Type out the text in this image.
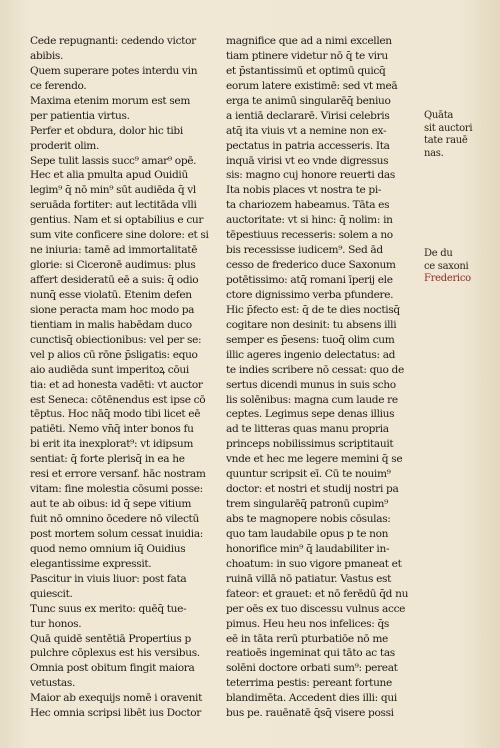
Cede repugnanti: cedendo victor
abibis.
Quem superare potes interdu vin
ce ferendo.
Maxima etenim morum est sem
per patientia virtus.
Perfer et obdura, dolor hic tibi
proderit olim.
Sepe tulit lassis succ⁹ amar⁹ opē.
Hec et alia pmulta apud Ouidiū
legim⁹ q̄ nō min⁹ sūt audiēda q̄ vl
seruāda fortiter: aut lectitāda vlli
gentius. Nam et si optabilius e cur
sum vite conficere sine dolore: et si
ne iniuria: tamē ad immortalitatē
glorie: si Ciceronē audimus: plus
affert desideratū eē a suis: q̄ odio
nunq̄ esse violatū. Etenim defen
sione peracta mam hoc modo pa
tientiam in malis habēdam duco
cunctisq̄ obiectionibus: vel per se:
vel p alios cū rōne p̄sligatis: equo
aio audiēda sunt imperitoꝝ cōui
tia: et ad honesta vadēti: vt auctor
est Seneca: cōtēnendus est ipse cō
tēptus. Hoc nāq̄ modo tibi licet eē
patiēti. Nemo vn̄q̄ inter bonos fu
bi erit ita inexplorat⁹: vt idipsum
sentiat: q̄ forte plerisq̄ in ea he
resi et errore versanf. hāc nostram
vitam: fine molestia cōsumi posse:
aut te ab oibus: id q̄ sepe vitium
fuit nō omnino ōcedere nō vilectū
post mortem solum cessat inuidia:
quod nemo omnium iq̄ Ouidius
elegantissime expressit.
Pascitur in viuis liuor: post fata
quiescit.
Tunc suus ex merito: quēq̄ tue-
tur honos.
Quā quidē sentētiā Propertius p
pulchre cōplexus est his versibus.
Omnia post obitum fingit maiora
vetustas.
Maior ab exequijs nomē i oravenit
Hec omnia scripsi libēt ius Doctor
magnifice que ad a nimi excellen
tiam ptinere videtur nō q̄ te viru
et p̄stantissimū et optimū quicq̄
eorum latere existimē: sed vt meā
erga te animū singularēq̄ beniuo
a ientiā declararē. Virisi celebris
atq̄ ita viuis vt a nemine non ex-
pectatus in patria accesseris. Ita
inquā virisi vt eo vnde digressus
sis: magno cuj honore reuerti das
Ita nobis places vt nostra te pi-
ta chariozem habeamus. Tāta es
auctoritate: vt si hinc: q̄ nolim: in
tēpestiuus recesseris: solem a no
bis recessisse iudicem⁹. Sed ād
cesso de frederico duce Saxonum
potētissimo: atq̄ romani īperij ele
ctore dignissimo verba pfundere.
Hic p̄fecto est: q̄ de te dies noctisq̄
cogitare non desinit: tu absens illi
semper es p̄esens: tuoq̄ olim cum
illic ageres ingenio delectatus: ad
te indies scribere nō cessat: quo de
sertus dicendi munus in suis scho
lis solēnibus: magna cum laude re
ceptes. Legimus sepe denas illius
ad te litteras quas manu propria
princeps nobilissimus scriptitauit
vnde et hec me legere memini q̄ se
quuntur scripsit eī. Cū te nouim⁹
doctor: et nostri et studij nostri pa
trem singularēq̄ patronū cupim⁹
abs te magnopere nobis cōsulas:
quo tam laudabile opus p te non
honorifice min⁹ q̄ laudabiliter in-
choatum: in suo vigore pmaneat et
ruinā villā nō patiatur. Vastus est
fateor: et grauet: et nō ferēdū q̄d nu
per oēs ex tuo discessu vulnus acce
pimus. Heu heu nos infelices: q̄s
eē in tāta rerū pturbatiōe nō me
reatioēs ingeminat qui tāto ac tas
solēni doctore orbati sum⁹: pereat
teterrima pestis: pereant fortune
blandimēta. Accedent dies illi: qui
bus pe. rauēnatē q̄sq̄ visere possi
Quāta
sit auctori
tate rauē
nas.
De du
ce saxoni
Frederico
